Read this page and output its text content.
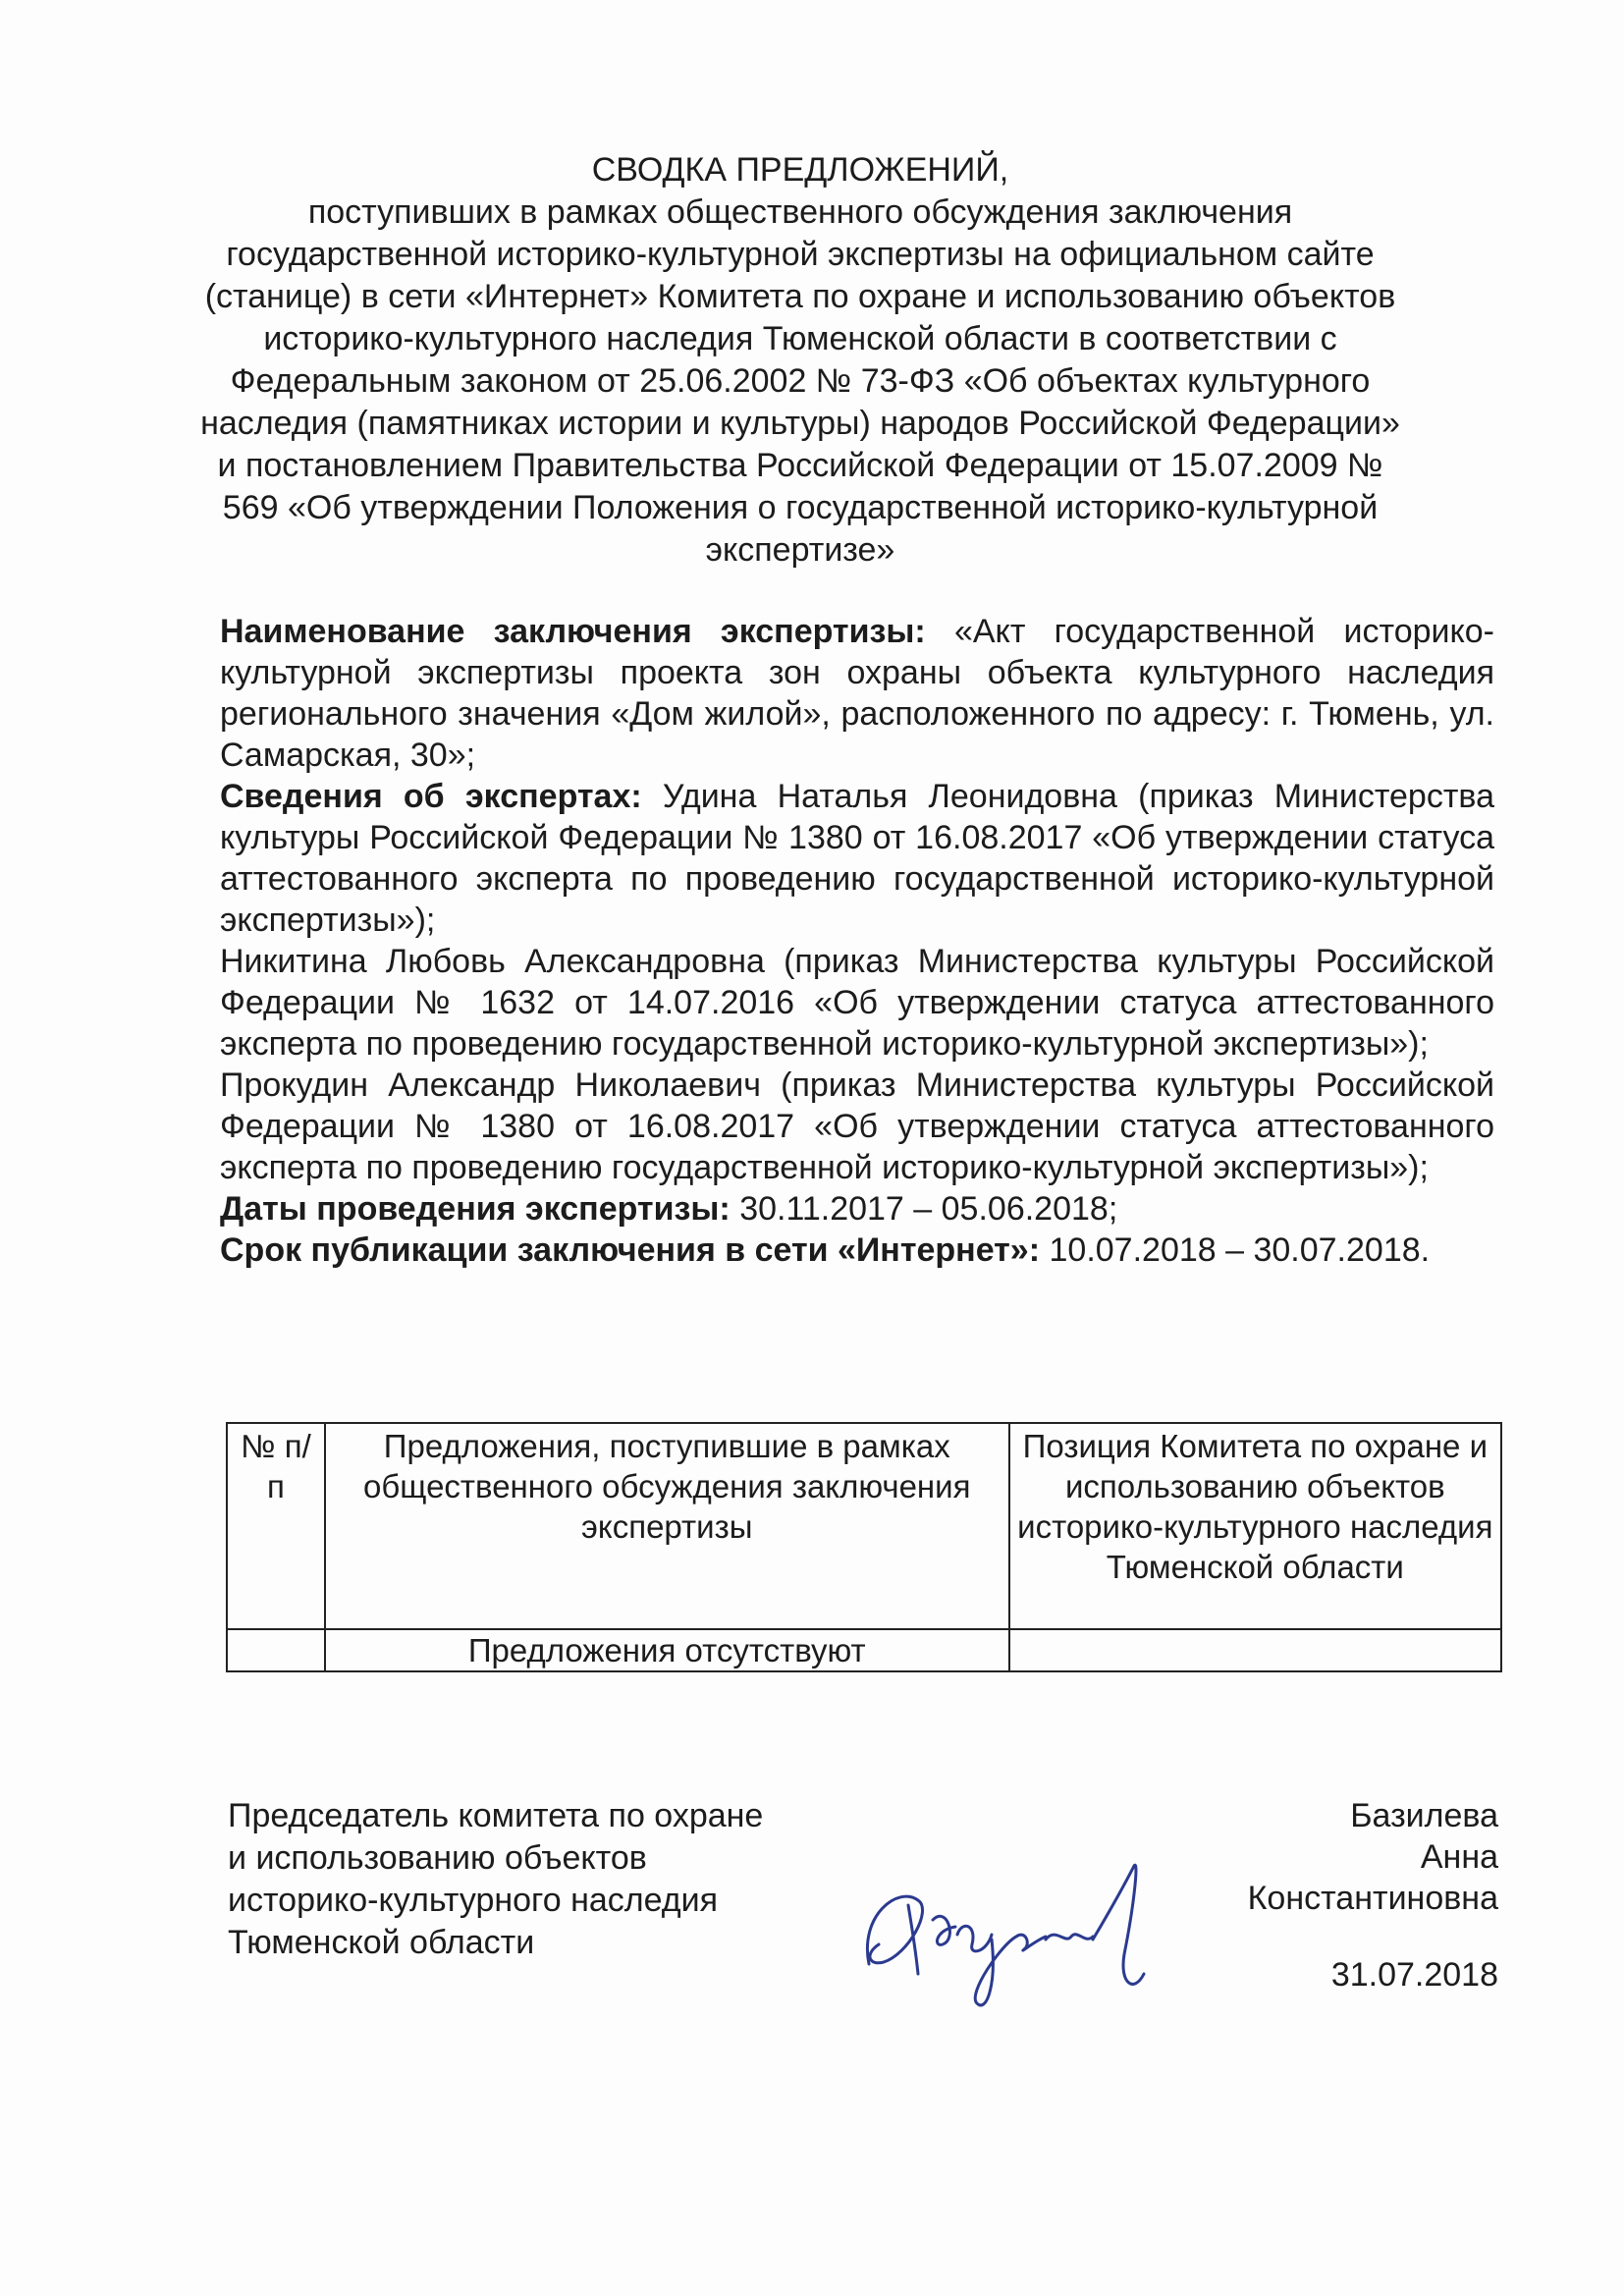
СВОДКА ПРЕДЛОЖЕНИЙ,
поступивших в рамках общественного обсуждения заключения государственной историко-культурной экспертизы на официальном сайте (станице) в сети «Интернет» Комитета по охране и использованию объектов историко-культурного наследия Тюменской области в соответствии с Федеральным законом от 25.06.2002 № 73-ФЗ «Об объектах культурного наследия (памятниках истории и культуры) народов Российской Федерации» и постановлением Правительства Российской Федерации от 15.07.2009 № 569 «Об утверждении Положения о государственной историко-культурной экспертизе»

Наименование заключения экспертизы: «Акт государственной историко-культурной экспертизы проекта зон охраны объекта культурного наследия регионального значения «Дом жилой», расположенного по адресу: г. Тюмень, ул. Самарская, 30»;

Сведения об экспертах: Удина Наталья Леонидовна (приказ Министерства культуры Российской Федерации № 1380 от 16.08.2017 «Об утверждении статуса аттестованного эксперта по проведению государственной историко-культурной экспертизы»);

Никитина Любовь Александровна (приказ Министерства культуры Российской Федерации № 1632 от 14.07.2016 «Об утверждении статуса аттестованного эксперта по проведению государственной историко-культурной экспертизы»);

Прокудин Александр Николаевич (приказ Министерства культуры Российской Федерации № 1380 от 16.08.2017 «Об утверждении статуса аттестованного эксперта по проведению государственной историко-культурной экспертизы»);

Даты проведения экспертизы: 30.11.2017 – 05.06.2018;

Срок публикации заключения в сети «Интернет»: 10.07.2018 – 30.07.2018.

№ п/п	Предложения, поступившие в рамках общественного обсуждения заключения экспертизы	Позиция Комитета по охране и использованию объектов историко-культурного наследия Тюменской области
	Предложения отсутствуют	
Председатель комитета по охране
и использованию объектов
историко-культурного наследия
Тюменской области
Базилева
Анна
Константиновна
31.07.2018
